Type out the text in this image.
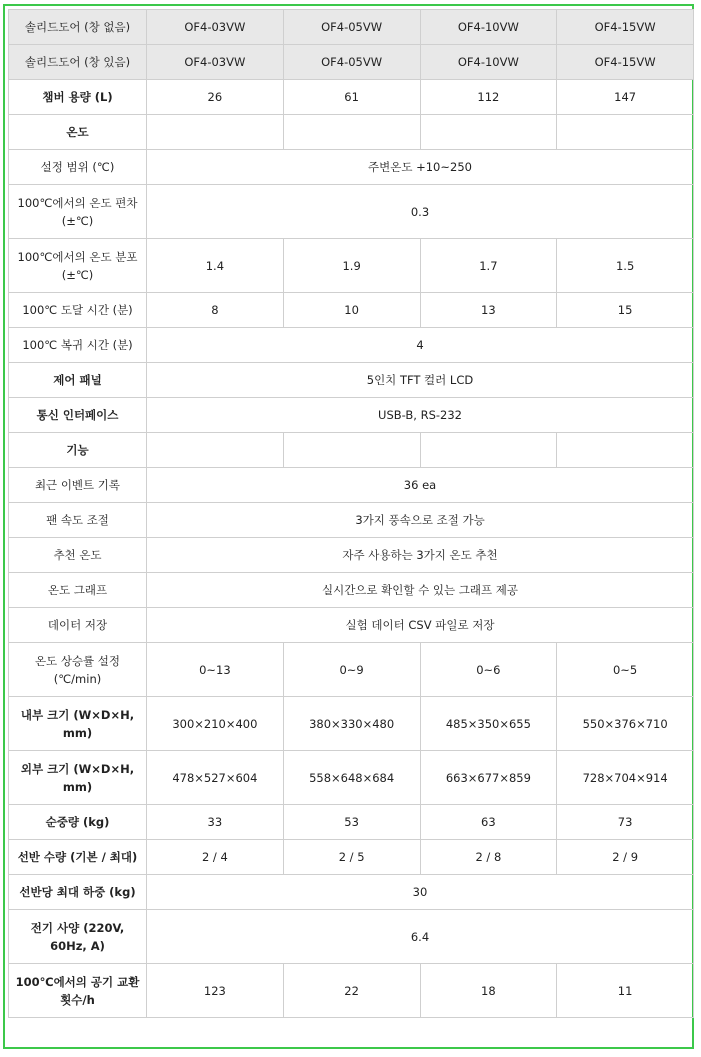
솔리드도어 (창 없음)	OF4-03VW	OF4-05VW	OF4-10VW	OF4-15VW
솔리드도어 (창 있음)	OF4-03VW	OF4-05VW	OF4-10VW	OF4-15VW
챔버 용량 (L)	26	61	112	147
온도				
설정 범위 (℃)	주변온도 +10~250			
100℃에서의 온도 편차 (±℃)	0.3			
100℃에서의 온도 분포 (±℃)	1.4	1.9	1.7	1.5
100℃ 도달 시간 (분)	8	10	13	15
100℃ 복귀 시간 (분)	4			
제어 패널	5인치 TFT 컬러 LCD			
통신 인터페이스	USB-B, RS-232			
기능				
최근 이벤트 기록	36 ea			
팬 속도 조절	3가지 풍속으로 조절 가능			
추천 온도	자주 사용하는 3가지 온도 추천			
온도 그래프	실시간으로 확인할 수 있는 그래프 제공			
데이터 저장	실험 데이터 CSV 파일로 저장			
온도 상승률 설정 (℃/min)	0~13	0~9	0~6	0~5
내부 크기 (W×D×H, mm)	300×210×400	380×330×480	485×350×655	550×376×710
외부 크기 (W×D×H, mm)	478×527×604	558×648×684	663×677×859	728×704×914
순중량 (kg)	33	53	63	73
선반 수량 (기본 / 최대)	2 / 4	2 / 5	2 / 8	2 / 9
선반당 최대 하중 (kg)	30			
전기 사양 (220V, 60Hz, A)	6.4			
100℃에서의 공기 교환 횟수/h	123	22	18	11
